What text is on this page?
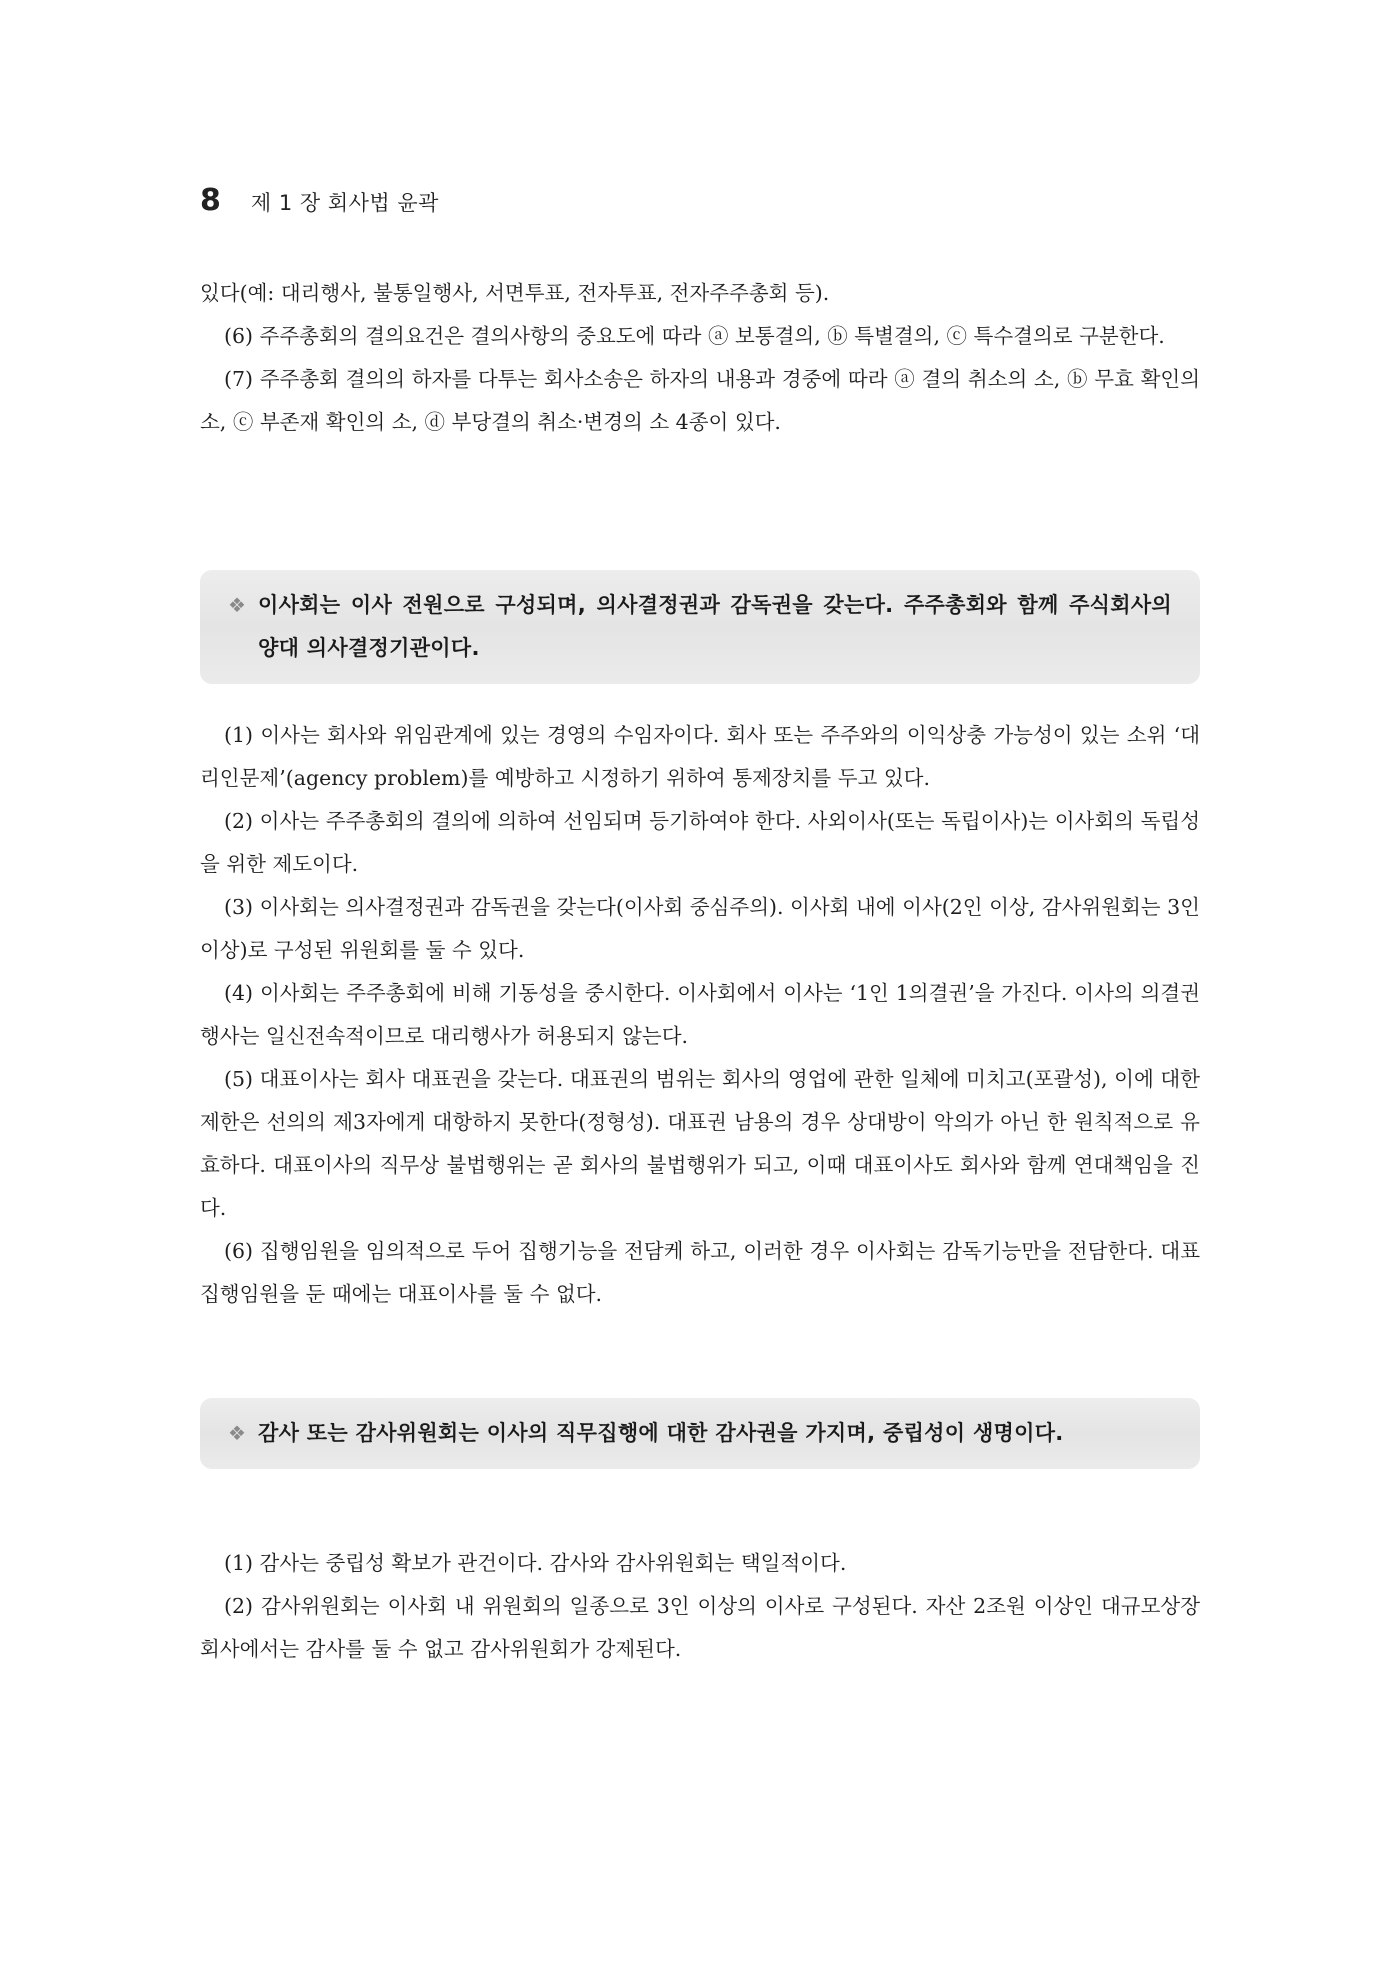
8 제 1 장 회사법 윤곽

있다(예: 대리행사, 불통일행사, 서면투표, 전자투표, 전자주주총회 등).

(6) 주주총회의 결의요건은 결의사항의 중요도에 따라 ⓐ 보통결의, ⓑ 특별결의, ⓒ 특수결의로 구분한다.

(7) 주주총회 결의의 하자를 다투는 회사소송은 하자의 내용과 경중에 따라 ⓐ 결의 취소의 소, ⓑ 무효 확인의 소, ⓒ 부존재 확인의 소, ⓓ 부당결의 취소·변경의 소 4종이 있다.

❖ 이사회는 이사 전원으로 구성되며, 의사결정권과 감독권을 갖는다. 주주총회와 함께 주식회사의 양대 의사결정기관이다.

(1) 이사는 회사와 위임관계에 있는 경영의 수임자이다. 회사 또는 주주와의 이익상충 가능성이 있는 소위 ‘대리인문제’(agency problem)를 예방하고 시정하기 위하여 통제장치를 두고 있다.

(2) 이사는 주주총회의 결의에 의하여 선임되며 등기하여야 한다. 사외이사(또는 독립이사)는 이사회의 독립성을 위한 제도이다.

(3) 이사회는 의사결정권과 감독권을 갖는다(이사회 중심주의). 이사회 내에 이사(2인 이상, 감사위원회는 3인 이상)로 구성된 위원회를 둘 수 있다.

(4) 이사회는 주주총회에 비해 기동성을 중시한다. 이사회에서 이사는 ‘1인 1의결권’을 가진다. 이사의 의결권 행사는 일신전속적이므로 대리행사가 허용되지 않는다.

(5) 대표이사는 회사 대표권을 갖는다. 대표권의 범위는 회사의 영업에 관한 일체에 미치고(포괄성), 이에 대한 제한은 선의의 제3자에게 대항하지 못한다(정형성). 대표권 남용의 경우 상대방이 악의가 아닌 한 원칙적으로 유효하다. 대표이사의 직무상 불법행위는 곧 회사의 불법행위가 되고, 이때 대표이사도 회사와 함께 연대책임을 진다.

(6) 집행임원을 임의적으로 두어 집행기능을 전담케 하고, 이러한 경우 이사회는 감독기능만을 전담한다. 대표집행임원을 둔 때에는 대표이사를 둘 수 없다.

❖ 감사 또는 감사위원회는 이사의 직무집행에 대한 감사권을 가지며, 중립성이 생명이다.

(1) 감사는 중립성 확보가 관건이다. 감사와 감사위원회는 택일적이다.

(2) 감사위원회는 이사회 내 위원회의 일종으로 3인 이상의 이사로 구성된다. 자산 2조원 이상인 대규모상장회사에서는 감사를 둘 수 없고 감사위원회가 강제된다.
